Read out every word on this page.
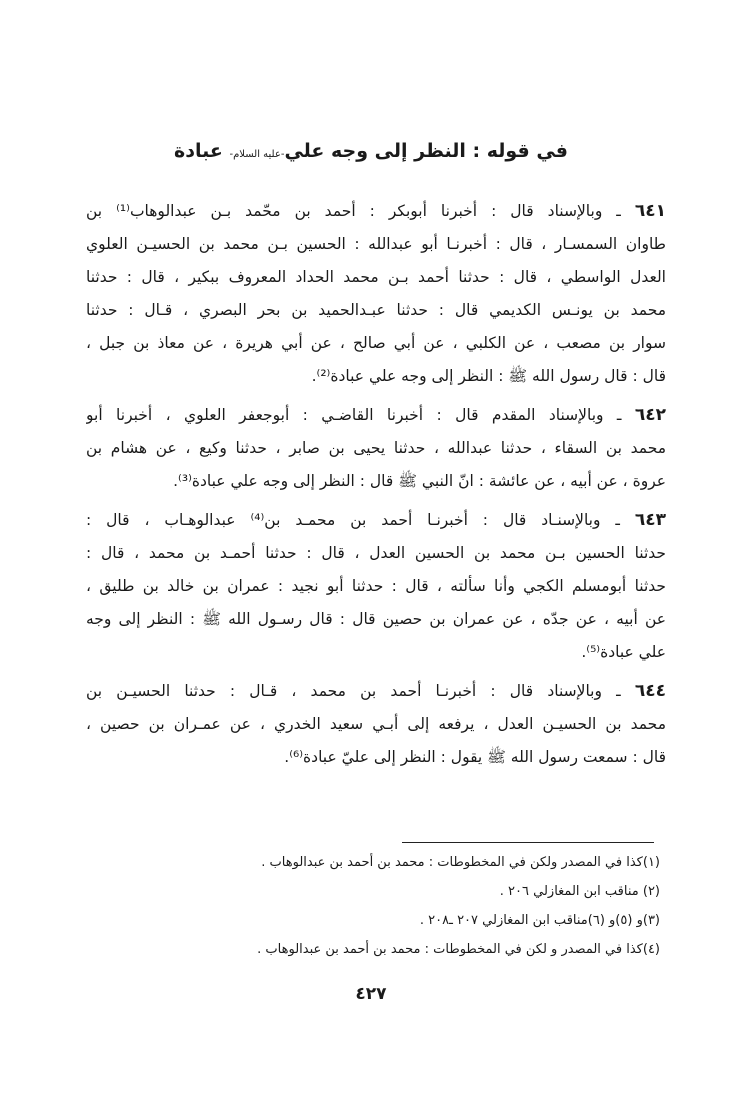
في قوله : النظر إلى وجه علي-عليه السلام- عبادة
٦٤١ ـ وبالإسناد قال : أخبرنا أبوبكر : أحمد بن محّمد بـن عبدالوهاب⁽¹⁾ بن
طاوان السمسـار ، قال : أخبرنـا أبو عبدالله : الحسين بـن محمد بن الحسيـن العلوي
العدل الواسطي ، قال : حدثنا أحمد بـن محمد الحداد المعروف ببكير ، قال : حدثنا
محمد بن يونـس الكديمي قال : حدثنا عبـدالحميد بن بحر البصري ، قـال : حدثنا
سوار بن مصعب ، عن الكلبي ، عن أبي صالح ، عن أبي هريرة ، عن معاذ بن جبل ،
قال : قال رسول الله ﷺ : النظر إلى وجه علي عبادة⁽²⁾.
٦٤٢ ـ وبالإسناد المقدم قال : أخبرنا القاضـي : أبوجعفر العلوي ، أخبرنا أبو
محمد بن السقاء ، حدثنا عبدالله ، حدثنا يحيى بن صابر ، حدثنا وكيع ، عن هشام بن
عروة ، عن أبيه ، عن عائشة : انّ النبي ﷺ قال : النظر إلى وجه علي عبادة⁽³⁾.
٦٤٣ ـ وبالإسنـاد قال : أخبرنـا أحمد بن محمـد بن⁽⁴⁾ عبدالوهـاب ، قال :
حدثنا الحسين بـن محمد بن الحسين العدل ، قال : حدثنا أحمـد بن محمد ، قال :
حدثنا أبومسلم الكجي وأنا سألته ، قال : حدثنا أبو نجيد : عمران بن خالد بن طليق ،
عن أبيه ، عن جدّه ، عن عمران بن حصين قال : قال رسـول الله ﷺ : النظر إلى وجه
علي عبادة⁽⁵⁾.
٦٤٤ ـ وبالإسناد قال : أخبرنـا أحمد بن محمد ، قـال : حدثنا الحسيـن بن
محمد بن الحسيـن العدل ، يرفعه إلى أبـي سعيد الخدري ، عن عمـران بن حصين ،
قال : سمعت رسول الله ﷺ يقول : النظر إلى عليّ عبادة⁽⁶⁾.
(١)كذا في المصدر ولكن في المخطوطات : محمد بن أحمد بن عبدالوهاب .
(٢) مناقب ابن المغازلي ٢٠٦ .
(٣)و (٥)و (٦)مناقب ابن المغازلي ٢٠٧ ـ٢٠٨ .
(٤)كذا في المصدر و لكن في المخطوطات : محمد بن أحمد بن عبدالوهاب .
٤٢٧
